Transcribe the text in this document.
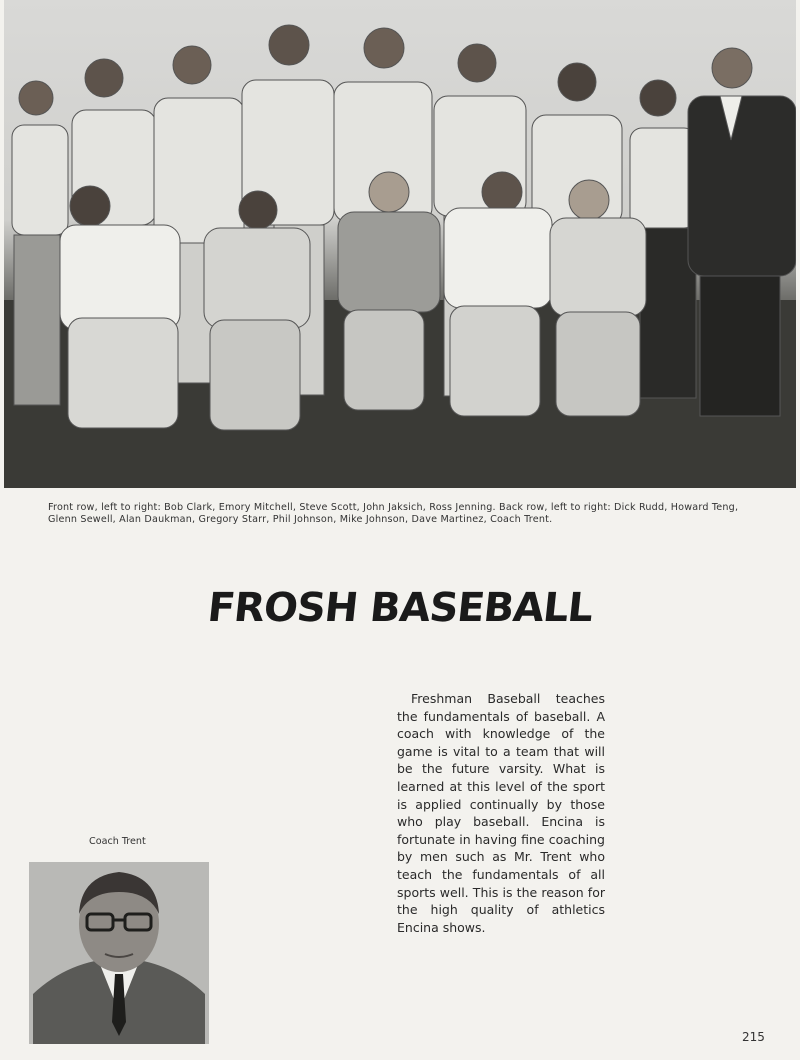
Front row, left to right: Bob Clark, Emory Mitchell, Steve Scott, John Jaksich, Ross Jenning. Back row, left to right: Dick Rudd, Howard Teng, Glenn Sewell, Alan Daukman, Gregory Starr, Phil Johnson, Mike Johnson, Dave Martinez, Coach Trent.
FROSH BASEBALL
Freshman Baseball teaches the fundamentals of baseball. A coach with knowledge of the game is vital to a team that will be the future varsity. What is learned at this level of the sport is applied continually by those who play baseball. Encina is fortunate in having fine coaching by men such as Mr. Trent who teach the fundamentals of all sports well. This is the reason for the high quality of athletics Encina shows.
Coach Trent
215
